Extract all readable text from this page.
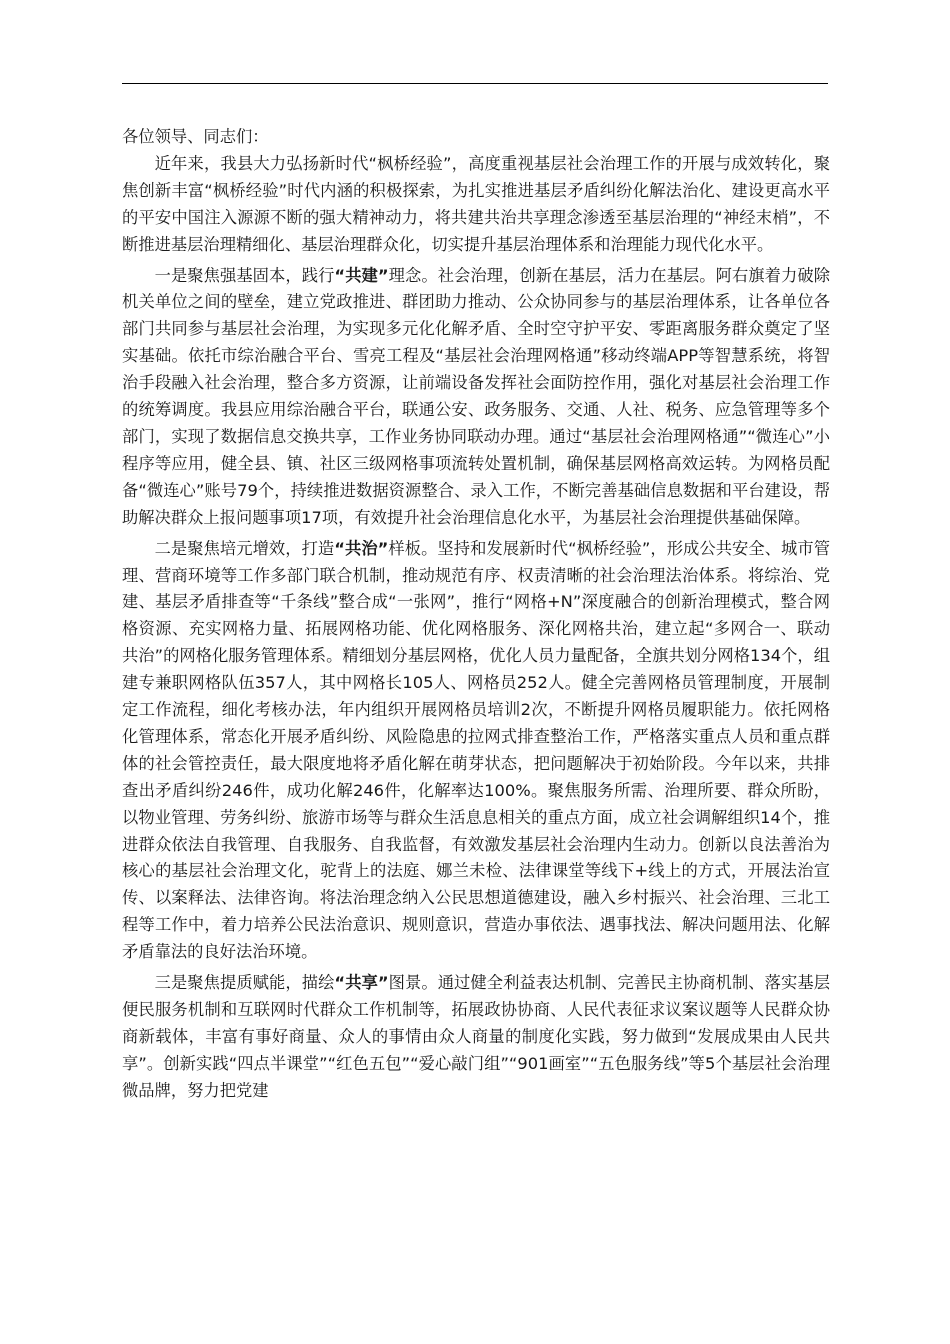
各位领导、同志们：

近年来，我县大力弘扬新时代“枫桥经验”，高度重视基层社会治理工作的开展与成效转化，聚焦创新丰富“枫桥经验”时代内涵的积极探索，为扎实推进基层矛盾纠纷化解法治化、建设更高水平的平安中国注入源源不断的强大精神动力，将共建共治共享理念渗透至基层治理的“神经末梢”，不断推进基层治理精细化、基层治理群众化，切实提升基层治理体系和治理能力现代化水平。

一是聚焦强基固本，践行“共建”理念。社会治理，创新在基层，活力在基层。阿右旗着力破除机关单位之间的壁垒，建立党政推进、群团助力推动、公众协同参与的基层治理体系，让各单位各部门共同参与基层社会治理，为实现多元化化解矛盾、全时空守护平安、零距离服务群众奠定了坚实基础。依托市综治融合平台、雪亮工程及“基层社会治理网格通”移动终端APP等智慧系统，将智治手段融入社会治理，整合多方资源，让前端设备发挥社会面防控作用，强化对基层社会治理工作的统筹调度。我县应用综治融合平台，联通公安、政务服务、交通、人社、税务、应急管理等多个部门，实现了数据信息交换共享，工作业务协同联动办理。通过“基层社会治理网格通”“微连心”小程序等应用，健全县、镇、社区三级网格事项流转处置机制，确保基层网格高效运转。为网格员配备“微连心”账号79个，持续推进数据资源整合、录入工作，不断完善基础信息数据和平台建设，帮助解决群众上报问题事项17项，有效提升社会治理信息化水平，为基层社会治理提供基础保障。

二是聚焦培元增效，打造“共治”样板。坚持和发展新时代“枫桥经验”，形成公共安全、城市管理、营商环境等工作多部门联合机制，推动规范有序、权责清晰的社会治理法治体系。将综治、党建、基层矛盾排查等“千条线”整合成“一张网”，推行“网格+N”深度融合的创新治理模式，整合网格资源、充实网格力量、拓展网格功能、优化网格服务、深化网格共治，建立起“多网合一、联动共治”的网格化服务管理体系。精细划分基层网格，优化人员力量配备，全旗共划分网格134个，组建专兼职网格队伍357人，其中网格长105人、网格员252人。健全完善网格员管理制度，开展制定工作流程，细化考核办法，年内组织开展网格员培训2次，不断提升网格员履职能力。依托网格化管理体系，常态化开展矛盾纠纷、风险隐患的拉网式排查整治工作，严格落实重点人员和重点群体的社会管控责任，最大限度地将矛盾化解在萌芽状态，把问题解决于初始阶段。今年以来，共排查出矛盾纠纷246件，成功化解246件，化解率达100%。聚焦服务所需、治理所要、群众所盼，以物业管理、劳务纠纷、旅游市场等与群众生活息息相关的重点方面，成立社会调解组织14个，推进群众依法自我管理、自我服务、自我监督，有效激发基层社会治理内生动力。创新以良法善治为核心的基层社会治理文化，驼背上的法庭、娜兰未检、法律课堂等线下+线上的方式，开展法治宣传、以案释法、法律咨询。将法治理念纳入公民思想道德建设，融入乡村振兴、社会治理、三北工程等工作中，着力培养公民法治意识、规则意识，营造办事依法、遇事找法、解决问题用法、化解矛盾靠法的良好法治环境。

三是聚焦提质赋能，描绘“共享”图景。通过健全利益表达机制、完善民主协商机制、落实基层便民服务机制和互联网时代群众工作机制等，拓展政协协商、人民代表征求议案议题等人民群众协商新载体，丰富有事好商量、众人的事情由众人商量的制度化实践，努力做到“发展成果由人民共享”。创新实践“四点半课堂”“红色五包”“爱心敲门组”“901画室”“五色服务线”等5个基层社会治理微品牌，努力把党建
